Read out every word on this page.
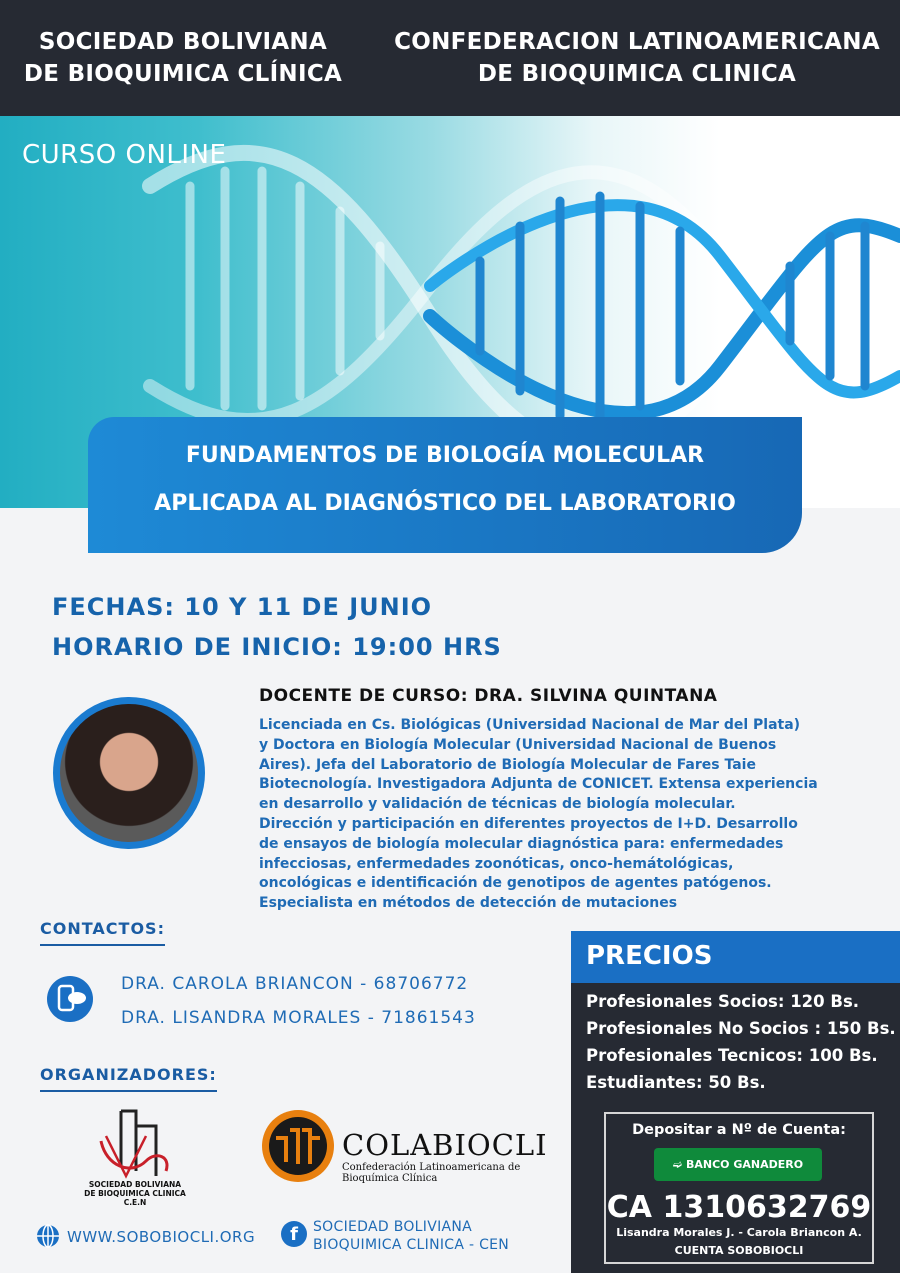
SOCIEDAD BOLIVIANA
DE BIOQUIMICA CLÍNICA
CONFEDERACION LATINOAMERICANA
DE BIOQUIMICA CLINICA
CURSO ONLINE
FUNDAMENTOS DE BIOLOGÍA MOLECULAR
APLICADA AL DIAGNÓSTICO DEL LABORATORIO
FECHAS: 10 Y 11 DE JUNIO
HORARIO DE INICIO: 19:00 HRS
DOCENTE DE CURSO: DRA. SILVINA QUINTANA
Licenciada en Cs. Biológicas (Universidad Nacional de Mar del Plata)
y Doctora en Biología Molecular (Universidad Nacional de Buenos
Aires). Jefa del Laboratorio de Biología Molecular de Fares Taie
Biotecnología. Investigadora Adjunta de CONICET. Extensa experiencia
en desarrollo y validación de técnicas de biología molecular.
Dirección y participación en diferentes proyectos de I+D. Desarrollo
de ensayos de biología molecular diagnóstica para: enfermedades
infecciosas, enfermedades zoonóticas, onco-hemátológicas,
oncológicas e identificación de genotipos de agentes patógenos.
Especialista en métodos de detección de mutaciones
CONTACTOS:
DRA. CAROLA BRIANCON - 68706772
DRA. LISANDRA MORALES - 71861543
ORGANIZADORES:
SOCIEDAD BOLIVIANA
DE BIOQUIMICA CLINICA
C.E.N
COLABIOCLI
Confederación Latinoamericana de
Bioquímica Clínica
WWW.SOBOBIOCLI.ORG	f	SOCIEDAD BOLIVIANA
BIOQUIMICA CLINICA - CEN
PRECIOS
Profesionales Socios: 120 Bs.
Profesionales No Socios : 150 Bs.
Profesionales Tecnicos: 100 Bs.
Estudiantes: 50 Bs.
Depositar a Nº de Cuenta:
➫ BANCO GANADERO
CA 1310632769
Lisandra Morales J. - Carola Briancon A.
CUENTA SOBOBIOCLI
